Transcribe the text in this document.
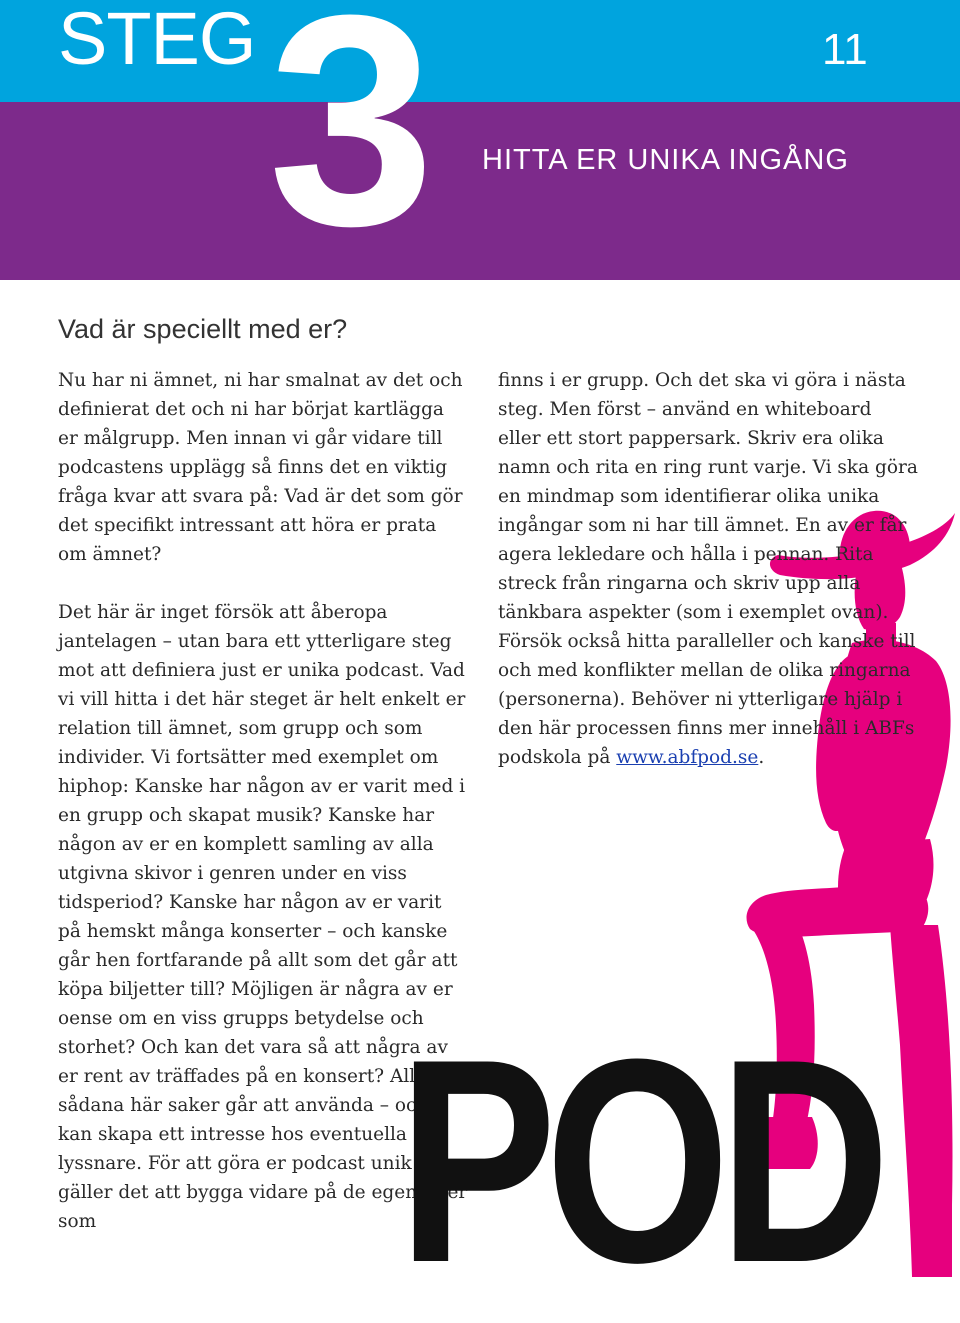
STEG 3	11
HITTA ER UNIKA INGÅNG
Vad är speciellt med er?

Nu har ni ämnet, ni har smalnat av det och definierat det och ni har börjat kartlägga er målgrupp. Men innan vi går vidare till podcastens upplägg så finns det en viktig fråga kvar att svara på: Vad är det som gör det specifikt intressant att höra er prata om ämnet?

Det här är inget försök att åberopa jantelagen – utan bara ett ytterligare steg mot att definiera just er unika podcast. Vad vi vill hitta i det här steget är helt enkelt er relation till ämnet, som grupp och som individer. Vi fortsätter med exemplet om hiphop: Kanske har någon av er varit med i en grupp och skapat musik? Kanske har någon av er en komplett samling av alla utgivna skivor i genren under en viss tidsperiod? Kanske har någon av er varit på hemskt många konserter – och kanske går hen fortfarande på allt som det går att köpa biljetter till? Möjligen är några av er oense om en viss grupps betydelse och storhet? Och kan det vara så att några av er rent av träffades på en konsert? Alla sådana här saker går att använda – och kan skapa ett intresse hos eventuella lyssnare. För att göra er podcast unik gäller det att bygga vidare på de egenheter som

finns i er grupp. Och det ska vi göra i nästa steg. Men först – använd en whiteboard eller ett stort pappersark. Skriv era olika namn och rita en ring runt varje. Vi ska göra en mindmap som identifierar olika unika ingångar som ni har till ämnet. En av er får agera lekledare och hålla i pennan. Rita streck från ringarna och skriv upp alla tänkbara aspekter (som i exemplet ovan). Försök också hitta paralleller och kanske till och med konflikter mellan de olika ringarna (personerna). Behöver ni ytterligare hjälp i den här processen finns mer innehåll i ABFs podskola på www.abfpod.se.

POD
